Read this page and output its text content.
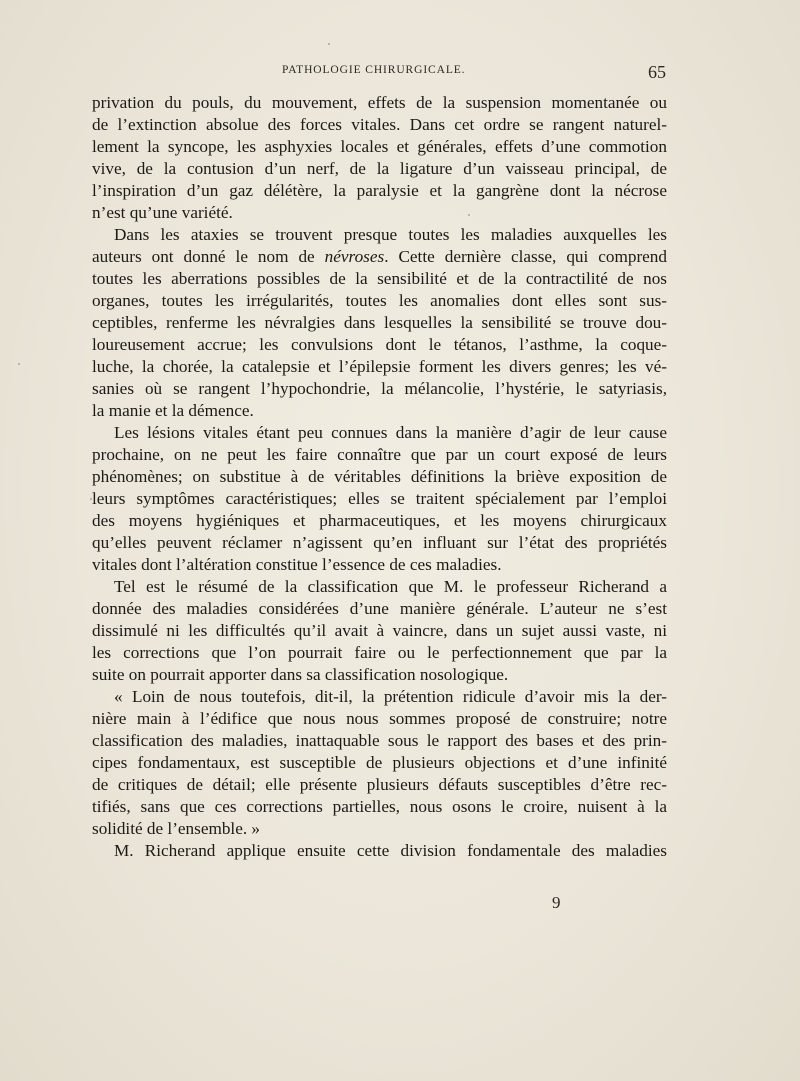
PATHOLOGIE CHIRURGICALE.	65
privation du pouls, du mouvement, effets de la suspension momentanée ou
de l’extinction absolue des forces vitales. Dans cet ordre se rangent naturel-
lement la syncope, les asphyxies locales et générales, effets d’une commotion
vive, de la contusion d’un nerf, de la ligature d’un vaisseau principal, de
l’inspiration d’un gaz délétère, la paralysie et la gangrène dont la nécrose
n’est qu’une variété.
Dans les ataxies se trouvent presque toutes les maladies auxquelles les
auteurs ont donné le nom de névroses. Cette dernière classe, qui comprend
toutes les aberrations possibles de la sensibilité et de la contractilité de nos
organes, toutes les irrégularités, toutes les anomalies dont elles sont sus-
ceptibles, renferme les névralgies dans lesquelles la sensibilité se trouve dou-
loureusement accrue; les convulsions dont le tétanos, l’asthme, la coque-
luche, la chorée, la catalepsie et l’épilepsie forment les divers genres; les vé-
sanies où se rangent l’hypochondrie, la mélancolie, l’hystérie, le satyriasis,
la manie et la démence.
Les lésions vitales étant peu connues dans la manière d’agir de leur cause
prochaine, on ne peut les faire connaître que par un court exposé de leurs
phénomènes; on substitue à de véritables définitions la briève exposition de
leurs symptômes caractéristiques; elles se traitent spécialement par l’emploi
des moyens hygiéniques et pharmaceutiques, et les moyens chirurgicaux
qu’elles peuvent réclamer n’agissent qu’en influant sur l’état des propriétés
vitales dont l’altération constitue l’essence de ces maladies.
Tel est le résumé de la classification que M. le professeur Richerand a
donnée des maladies considérées d’une manière générale. L’auteur ne s’est
dissimulé ni les difficultés qu’il avait à vaincre, dans un sujet aussi vaste, ni
les corrections que l’on pourrait faire ou le perfectionnement que par la
suite on pourrait apporter dans sa classification nosologique.
« Loin de nous toutefois, dit-il, la prétention ridicule d’avoir mis la der-
nière main à l’édifice que nous nous sommes proposé de construire; notre
classification des maladies, inattaquable sous le rapport des bases et des prin-
cipes fondamentaux, est susceptible de plusieurs objections et d’une infinité
de critiques de détail; elle présente plusieurs défauts susceptibles d’être rec-
tifiés, sans que ces corrections partielles, nous osons le croire, nuisent à la
solidité de l’ensemble. »
M. Richerand applique ensuite cette division fondamentale des maladies
9
